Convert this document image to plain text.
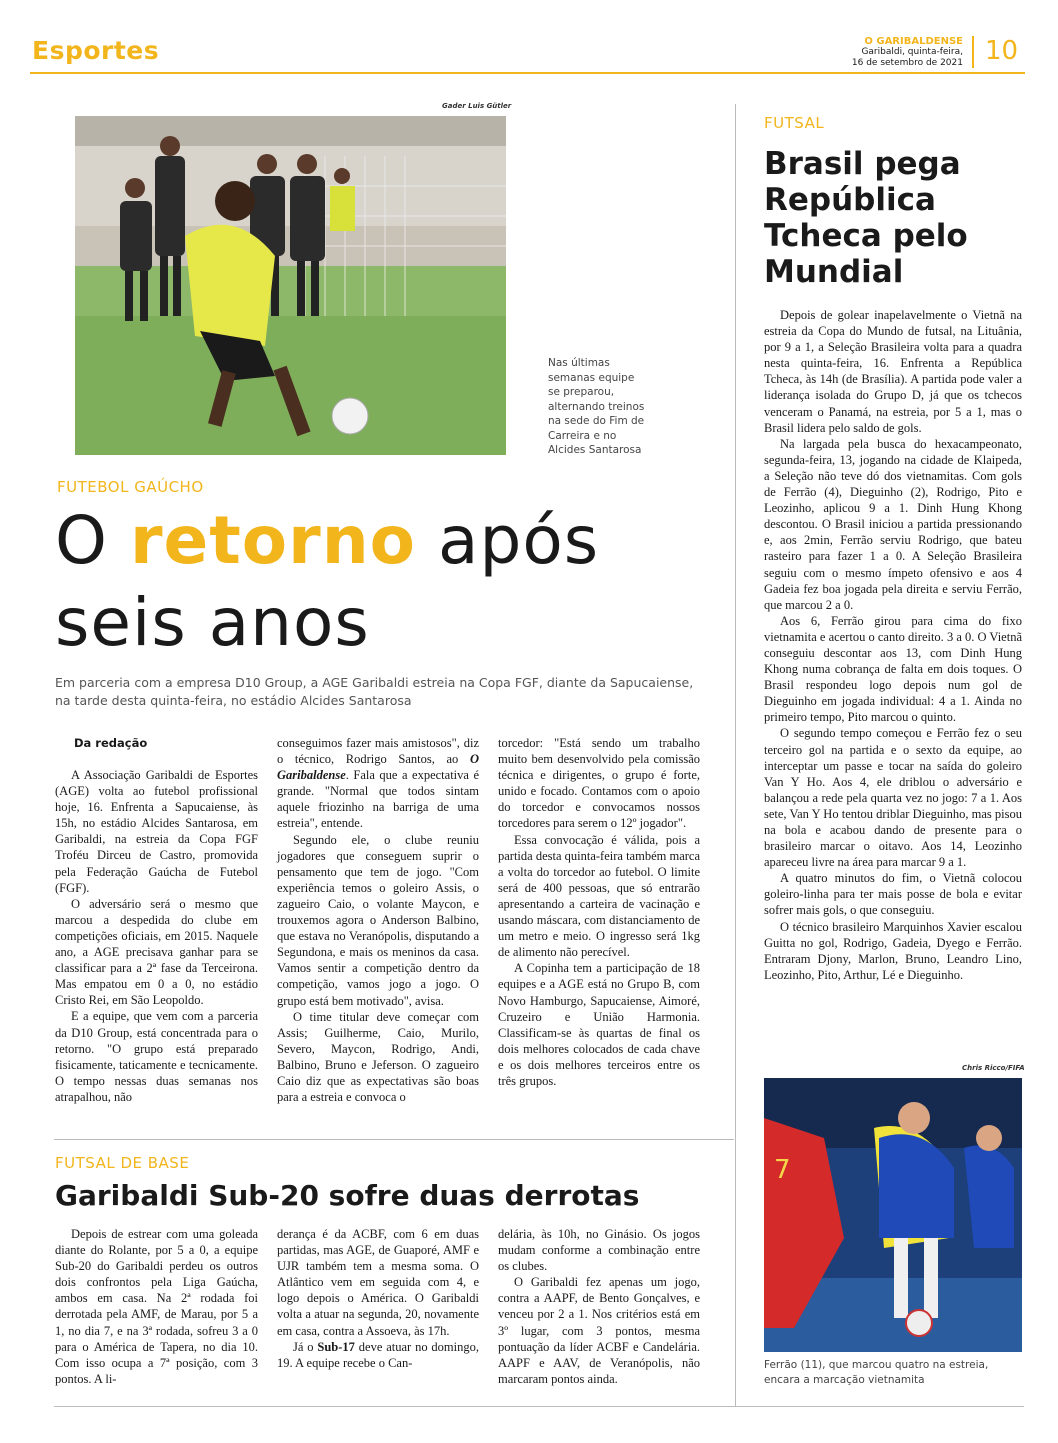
Esportes	O GARIBALDENSE
Garibaldi, quinta-feira,
16 de setembro de 2021 10
Gader Luis Gütler
Nas últimas semanas equipe se preparou, alternando treinos na sede do Fim de Carreira e no Alcides Santarosa
FUTEBOL GAÚCHO
O retorno após
seis anos
Em parceria com a empresa D10 Group, a AGE Garibaldi estreia na Copa FGF, diante da Sapucaiense, na tarde desta quinta-feira, no estádio Alcides Santarosa
Da redação

A Associação Garibaldi de Esportes (AGE) volta ao futebol profissional hoje, 16. Enfrenta a Sapucaiense, às 15h, no estádio Alcides Santarosa, em Garibaldi, na estreia da Copa FGF Troféu Dirceu de Castro, promovida pela Federação Gaúcha de Futebol (FGF).

O adversário será o mesmo que marcou a despedida do clube em competições oficiais, em 2015. Naquele ano, a AGE precisava ganhar para se classificar para a 2ª fase da Terceirona. Mas empatou em 0 a 0, no estádio Cristo Rei, em São Leopoldo.

E a equipe, que vem com a parceria da D10 Group, está concentrada para o retorno. "O grupo está preparado fisicamente, taticamente e tecnicamente. O tempo nessas duas semanas nos atrapalhou, não

conseguimos fazer mais amistosos", diz o técnico, Rodrigo Santos, ao O Garibaldense. Fala que a expectativa é grande. "Normal que todos sintam aquele friozinho na barriga de uma estreia", entende.

Segundo ele, o clube reuniu jogadores que conseguem suprir o pensamento que tem de jogo. "Com experiência temos o goleiro Assis, o zagueiro Caio, o volante Maycon, e trouxemos agora o Anderson Balbino, que estava no Veranópolis, disputando a Segundona, e mais os meninos da casa. Vamos sentir a competição dentro da competição, vamos jogo a jogo. O grupo está bem motivado", avisa.

O time titular deve começar com Assis; Guilherme, Caio, Murilo, Severo, Maycon, Rodrigo, Andi, Balbino, Bruno e Jeferson. O zagueiro Caio diz que as expectativas são boas para a estreia e convoca o

torcedor: "Está sendo um trabalho muito bem desenvolvido pela comissão técnica e dirigentes, o grupo é forte, unido e focado. Contamos com o apoio do torcedor e convocamos nossos torcedores para serem o 12º jogador".

Essa convocação é válida, pois a partida desta quinta-feira também marca a volta do torcedor ao futebol. O limite será de 400 pessoas, que só entrarão apresentando a carteira de vacinação e usando máscara, com distanciamento de um metro e meio. O ingresso será 1kg de alimento não perecível.

A Copinha tem a participação de 18 equipes e a AGE está no Grupo B, com Novo Hamburgo, Sapucaiense, Aimoré, Cruzeiro e União Harmonia. Classificam-se às quartas de final os dois melhores colocados de cada chave e os dois melhores terceiros entre os três grupos.

FUTSAL
Brasil pega República Tcheca pelo Mundial

Depois de golear inapelavelmente o Vietnã na estreia da Copa do Mundo de futsal, na Lituânia, por 9 a 1, a Seleção Brasileira volta para a quadra nesta quinta-feira, 16. Enfrenta a República Tcheca, às 14h (de Brasília). A partida pode valer a liderança isolada do Grupo D, já que os tchecos venceram o Panamá, na estreia, por 5 a 1, mas o Brasil lidera pelo saldo de gols.

Na largada pela busca do hexacampeonato, segunda-feira, 13, jogando na cidade de Klaipeda, a Seleção não teve dó dos vietnamitas. Com gols de Ferrão (4), Dieguinho (2), Rodrigo, Pito e Leozinho, aplicou 9 a 1. Dinh Hung Khong descontou. O Brasil iniciou a partida pressionando e, aos 2min, Ferrão serviu Rodrigo, que bateu rasteiro para fazer 1 a 0. A Seleção Brasileira seguiu com o mesmo ímpeto ofensivo e aos 4 Gadeia fez boa jogada pela direita e serviu Ferrão, que marcou 2 a 0.

Aos 6, Ferrão girou para cima do fixo vietnamita e acertou o canto direito. 3 a 0. O Vietnã conseguiu descontar aos 13, com Dinh Hung Khong numa cobrança de falta em dois toques. O Brasil respondeu logo depois num gol de Dieguinho em jogada individual: 4 a 1. Ainda no primeiro tempo, Pito marcou o quinto.

O segundo tempo começou e Ferrão fez o seu terceiro gol na partida e o sexto da equipe, ao interceptar um passe e tocar na saída do goleiro Van Y Ho. Aos 4, ele driblou o adversário e balançou a rede pela quarta vez no jogo: 7 a 1. Aos sete, Van Y Ho tentou driblar Dieguinho, mas pisou na bola e acabou dando de presente para o brasileiro marcar o oitavo. Aos 14, Leozinho apareceu livre na área para marcar 9 a 1.

A quatro minutos do fim, o Vietnã colocou goleiro-linha para ter mais posse de bola e evitar sofrer mais gols, o que conseguiu.

O técnico brasileiro Marquinhos Xavier escalou Guitta no gol, Rodrigo, Gadeia, Dyego e Ferrão. Entraram Djony, Marlon, Bruno, Leandro Lino, Leozinho, Pito, Arthur, Lé e Dieguinho.

Chris Ricco/FIFA
7
Ferrão (11), que marcou quatro na estreia, encara a marcação vietnamita
FUTSAL DE BASE
Garibaldi Sub-20 sofre duas derrotas

Depois de estrear com uma goleada diante do Rolante, por 5 a 0, a equipe Sub-20 do Garibaldi perdeu os outros dois confrontos pela Liga Gaúcha, ambos em casa. Na 2ª rodada foi derrotada pela AMF, de Marau, por 5 a 1, no dia 7, e na 3ª rodada, sofreu 3 a 0 para o América de Tapera, no dia 10. Com isso ocupa a 7ª posição, com 3 pontos. A li-

derança é da ACBF, com 6 em duas partidas, mas AGE, de Guaporé, AMF e UJR também tem a mesma soma. O Atlântico vem em seguida com 4, e logo depois o América. O Garibaldi volta a atuar na segunda, 20, novamente em casa, contra a Assoeva, às 17h.

Já o Sub-17 deve atuar no domingo, 19. A equipe recebe o Can-

delária, às 10h, no Ginásio. Os jogos mudam conforme a combinação entre os clubes.

O Garibaldi fez apenas um jogo, contra a AAPF, de Bento Gonçalves, e venceu por 2 a 1. Nos critérios está em 3º lugar, com 3 pontos, mesma pontuação da líder ACBF e Candelária. AAPF e AAV, de Veranópolis, não marcaram pontos ainda.
